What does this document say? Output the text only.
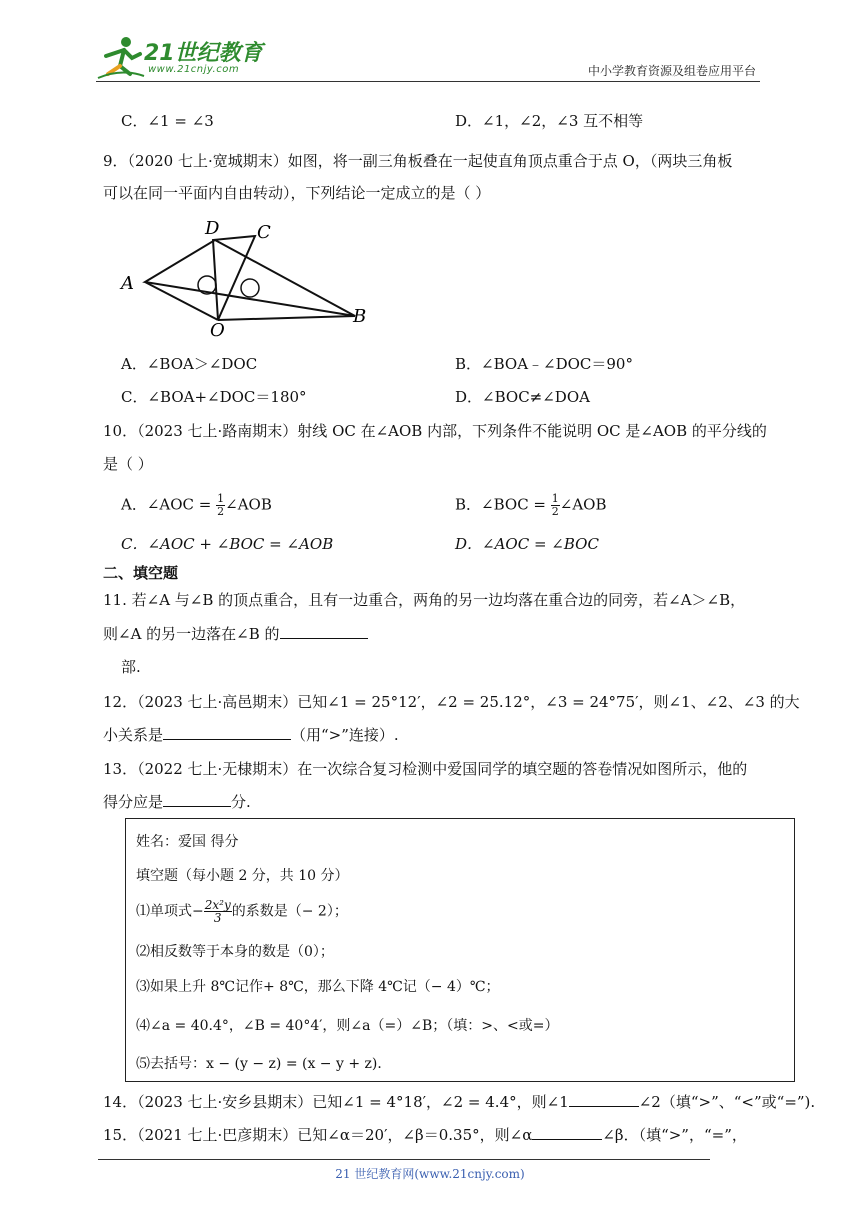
21世纪教育
www.21cnjy.com	中小学教育资源及组卷应用平台
C．∠1 = ∠3	D．∠1，∠2，∠3 互不相等
9．（2020 七上·宽城期末）如图，将一副三角板叠在一起使直角顶点重合于点 O，（两块三角板
可以在同一平面内自由转动），下列结论一定成立的是（ ）
D C
A
O
B
A．∠BOA＞∠DOC	B．∠BOA﹣∠DOC＝90°
C．∠BOA+∠DOC＝180°	D．∠BOC≠∠DOA
10．（2023 七上·路南期末）射线 OC 在∠AOB 内部，下列条件不能说明 OC 是∠AOB 的平分线的
是（ ）
A．∠AOC = $\frac{1}{2}$ ∠AOB	B．∠BOC = $\frac{1}{2}$ ∠AOB
C．∠AOC + ∠BOC = ∠AOB	D．∠AOC = ∠BOC
二、填空题
11. 若∠A 与∠B 的顶点重合，且有一边重合，两角的另一边均落在重合边的同旁，若∠A＞∠B，
则∠A 的另一边落在∠B 的
部.
12．（2023 七上·高邑期末）已知∠1 = 25°12′，∠2 = 25.12°，∠3 = 24°75′，则∠1、∠2、∠3 的大
小关系是	（用“>”连接）.
13．（2022 七上·无棣期末）在一次综合复习检测中爱国同学的填空题的答卷情况如图所示，他的
得分应是	分.
姓名：爱国 得分
填空题（每小题 2 分，共 10 分）
⑴单项式− $\frac{\text{2x²y}}{3}$ 的系数是（− 2）；
⑵相反数等于本身的数是（0）；
⑶如果上升 8℃记作+ 8℃，那么下降 4℃记（− 4）℃；
⑷∠a = 40.4°，∠B = 40°4′，则∠a（=）∠B；（填：>、<或=）
⑸去括号：x − (y − z) = (x − y + z)．
14．（2023 七上·安乡县期末）已知∠1 = 4°18′，∠2 = 4.4°，则∠1	∠2（填“>”、“<”或“=”).
15．（2021 七上·巴彦期末）已知∠α＝20′，∠β＝0.35°，则∠α	∠β．（填“>”，“=”，
21 世纪教育网(www.21cnjy.com)
